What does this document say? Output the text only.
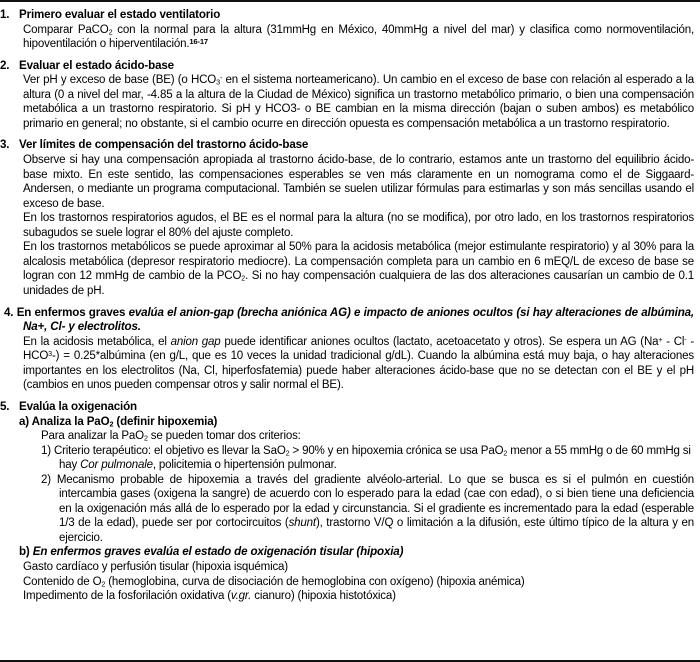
1. Primero evaluar el estado ventilatorio
Comparar PaCO$_2$ con la normal para la altura (31mmHg en México, 40mmHg a nivel del mar) y clasifica como normoventilación, hipoventilación o hiperventilación.$^{16-17}$
2. Evaluar el estado ácido-base
Ver pH y exceso de base (BE) (o $HCO_3^-$ en el sistema norteamericano). Un cambio en el exceso de base con relación al esperado a la altura (0 a nivel del mar, -4.85 a la altura de la Ciudad de México) significa un trastorno metabólico primario, o bien una compensación metabólica a un trastorno respiratorio. Si pH y HCO3- o BE cambian en la misma dirección (bajan o suben ambos) es metabólico primario en general; no obstante, si el cambio ocurre en dirección opuesta es compensación metabólica a un trastorno respiratorio.
3. Ver límites de compensación del trastorno ácido-base
Observe si hay una compensación apropiada al trastorno ácido-base, de lo contrario, estamos ante un trastorno del equilibrio ácido-base mixto. En este sentido, las compensaciones esperables se ven más claramente en un nomograma como el de Siggaard-Andersen, o mediante un programa computacional. También se suelen utilizar fórmulas para estimarlas y son más sencillas usando el exceso de base.
En los trastornos respiratorios agudos, el BE es el normal para la altura (no se modifica), por otro lado, en los trastornos respiratorios subagudos se suele lograr el 80% del ajuste completo.
En los trastornos metabólicos se puede aproximar al 50% para la acidosis metabólica (mejor estimulante respiratorio) y al 30% para la alcalosis metabólica (depresor respiratorio mediocre). La compensación completa para un cambio en 6 mEQ/L de exceso de base se logran con 12 mmHg de cambio de la $PCO_2$. Si no hay compensación cualquiera de las dos alteraciones causarían un cambio de 0.1 unidades de pH.
4. En enfermos graves evalúa el anion-gap (brecha aniónica AG) e impacto de aniones ocultos (si hay alteraciones de albúmina, Na+, Cl- y electrolitos.
En la acidosis metabólica, el anion gap puede identificar aniones ocultos (lactato, acetoacetato y otros). Se espera un AG $(Na^+ - Cl^- - HCO^3-)$ = 0.25*albúmina (en g/L, que es 10 veces la unidad tradicional g/dL). Cuando la albúmina está muy baja, o hay alteraciones importantes en los electrolitos (Na, Cl, hiperfosfatemia) puede haber alteraciones ácido-base que no se detectan con el BE y el pH (cambios en unos pueden compensar otros y salir normal el BE).
5. Evalúa la oxigenación
a) Analiza la PaO$_2$ (definir hipoxemia)
Para analizar la PaO$_2$ se pueden tomar dos criterios:
1) Criterio terapéutico: el objetivo es llevar la SaO$_2$ > 90% y en hipoxemia crónica se usa PaO$_2$ menor a 55 mmHg o de 60 mmHg si hay Cor pulmonale, policitemia o hipertensión pulmonar.
2) Mecanismo probable de hipoxemia a través del gradiente alvéolo-arterial. Lo que se busca es si el pulmón en cuestión intercambia gases (oxigena la sangre) de acuerdo con lo esperado para la edad (cae con edad), o si bien tiene una deficiencia en la oxigenación más allá de lo esperado por la edad y circunstancia. Si el gradiente es incrementado para la edad (esperable 1/3 de la edad), puede ser por cortocircuitos (shunt), trastorno V/Q o limitación a la difusión, este último típico de la altura y en ejercicio.
b) En enfermos graves evalúa el estado de oxigenación tisular (hipoxia)
Gasto cardíaco y perfusión tisular (hipoxia isquémica)
Contenido de $O_2$ (hemoglobina, curva de disociación de hemoglobina con oxígeno) (hipoxia anémica)
Impedimento de la fosforilación oxidativa (v.gr. cianuro) (hipoxia histotóxica)
